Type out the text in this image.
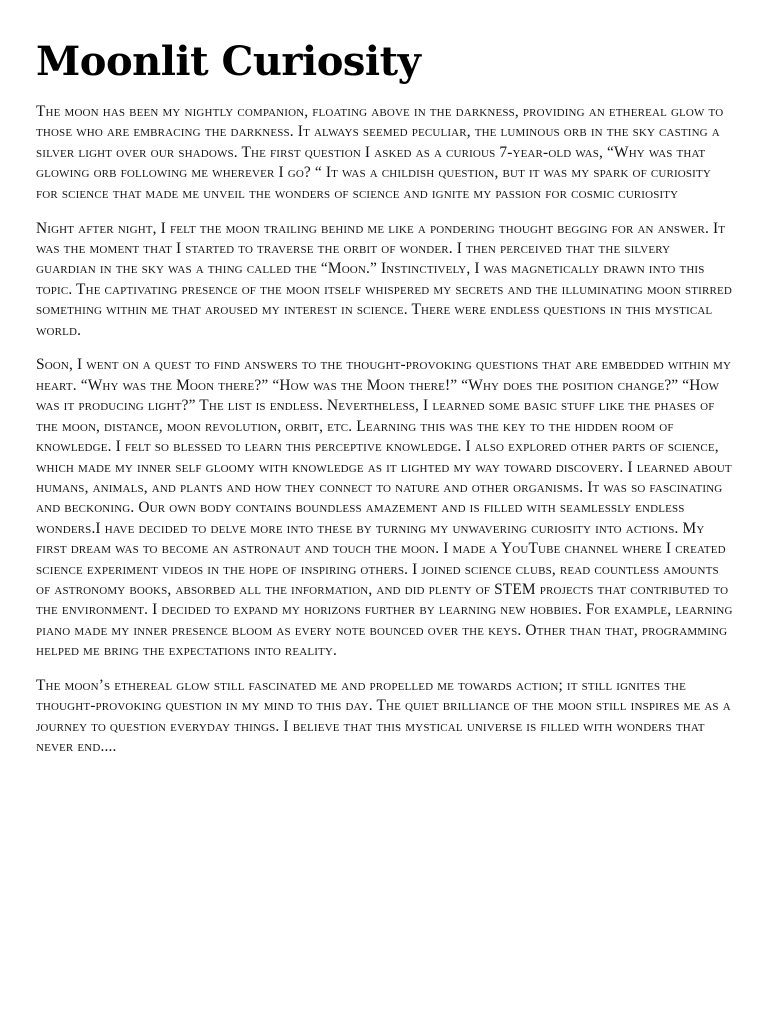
Moonlit Curiosity

The moon has been my nightly companion, floating above in the darkness, providing an ethereal glow to those who are embracing the darkness. It always seemed peculiar, the luminous orb in the sky casting a silver light over our shadows. The first question I asked as a curious 7-year-old was, “Why was that glowing orb following me wherever I go? “ It was a childish question, but it was my spark of curiosity for science that made me unveil the wonders of science and ignite my passion for cosmic curiosity

Night after night, I felt the moon trailing behind me like a pondering thought begging for an answer. It was the moment that I started to traverse the orbit of wonder. I then perceived that the silvery guardian in the sky was a thing called the “Moon.” Instinctively, I was magnetically drawn into this topic. The captivating presence of the moon itself whispered my secrets and the illuminating moon stirred something within me that aroused my interest in science. There were endless questions in this mystical world.

Soon, I went on a quest to find answers to the thought-provoking questions that are embedded within my heart. “Why was the Moon there?” “How was the Moon there!” “Why does the position change?” “How was it producing light?” The list is endless. Nevertheless, I learned some basic stuff like the phases of the moon, distance, moon revolution, orbit, etc. Learning this was the key to the hidden room of knowledge. I felt so blessed to learn this perceptive knowledge. I also explored other parts of science, which made my inner self gloomy with knowledge as it lighted my way toward discovery. I learned about humans, animals, and plants and how they connect to nature and other organisms. It was so fascinating and beckoning. Our own body contains boundless amazement and is filled with seamlessly endless wonders.I have decided to delve more into these by turning my unwavering curiosity into actions. My first dream was to become an astronaut and touch the moon. I made a YouTube channel where I created science experiment videos in the hope of inspiring others. I joined science clubs, read countless amounts of astronomy books, absorbed all the information, and did plenty of STEM projects that contributed to the environment. I decided to expand my horizons further by learning new hobbies. For example, learning piano made my inner presence bloom as every note bounced over the keys. Other than that, programming helped me bring the expectations into reality.

The moon’s ethereal glow still fascinated me and propelled me towards action; it still ignites the thought-provoking question in my mind to this day. The quiet brilliance of the moon still inspires me as a journey to question everyday things. I believe that this mystical universe is filled with wonders that never end....
